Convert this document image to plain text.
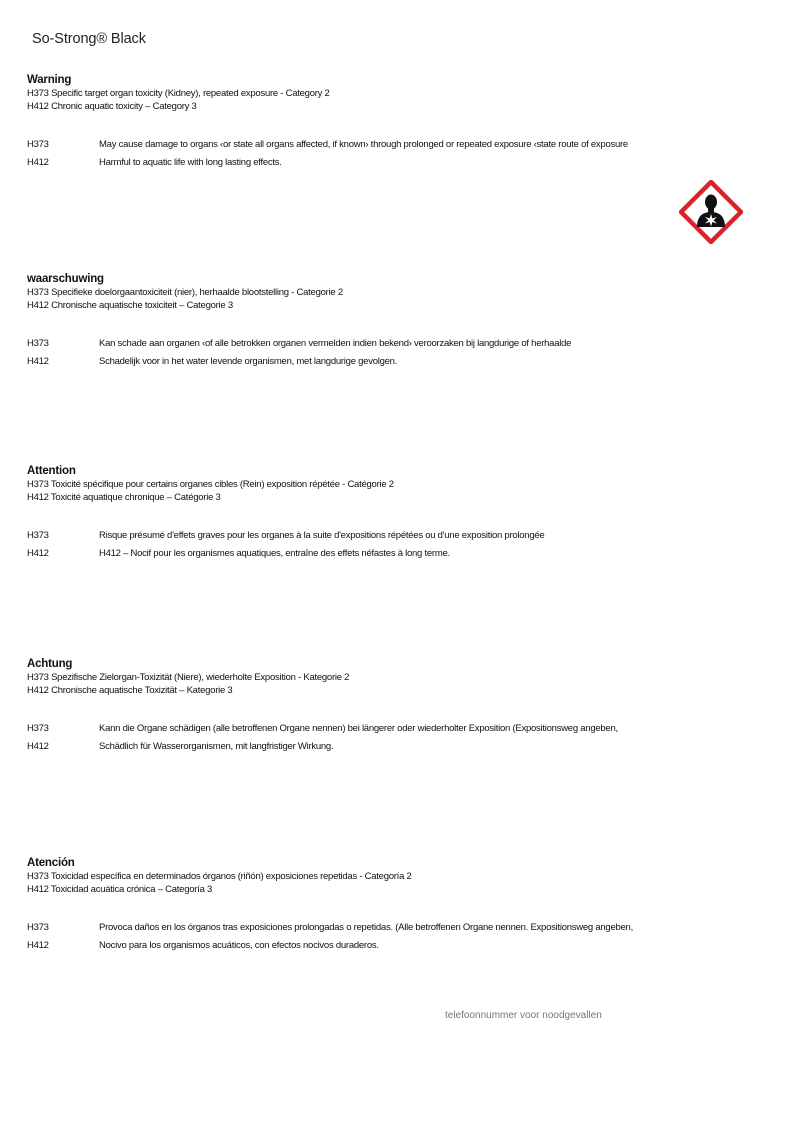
So-Strong® Black

Warning

H373 Specific target organ toxicity (Kidney), repeated exposure - Category 2

H412 Chronic aquatic toxicity – Category 3

H373	May cause damage to organs ‹or state all organs affected, if known› through prolonged or repeated exposure ‹state route of exposure
H412	Harmful to aquatic life with long lasting effects.

waarschuwing

H373 Specifieke doelorgaantoxiciteit (nier), herhaalde blootstelling - Categorie 2

H412 Chronische aquatische toxiciteit – Categorie 3

H373	Kan schade aan organen ‹of alle betrokken organen vermelden indien bekend› veroorzaken bij langdurige of herhaalde
H412	Schadelijk voor in het water levende organismen, met langdurige gevolgen.

Attention

H373 Toxicité spécifique pour certains organes cibles (Rein) exposition répétée - Catégorie 2

H412 Toxicité aquatique chronique – Catégorie 3

H373	Risque présumé d'effets graves pour les organes à la suite d'expositions répétées ou d'une exposition prolongée
H412	H412 – Nocif pour les organismes aquatiques, entraîne des effets néfastes à long terme.

Achtung

H373 Spezifische Zielorgan-Toxizität (Niere), wiederholte Exposition - Kategorie 2

H412 Chronische aquatische Toxizität – Kategorie 3

H373	Kann die Organe schädigen (alle betroffenen Organe nennen) bei längerer oder wiederholter Exposition (Expositionsweg angeben,
H412	Schädlich für Wasserorganismen, mit langfristiger Wirkung.

Atención

H373 Toxicidad específica en determinados órganos (riñón) exposiciones repetidas - Categoría 2

H412 Toxicidad acuática crónica – Categoría 3

H373	Provoca daños en los órganos tras exposiciones prolongadas o repetidas. (Alle betroffenen Organe nennen. Expositionsweg angeben,
H412	Nocivo para los organismos acuáticos, con efectos nocivos duraderos.
telefoonnummer voor noodgevallen
